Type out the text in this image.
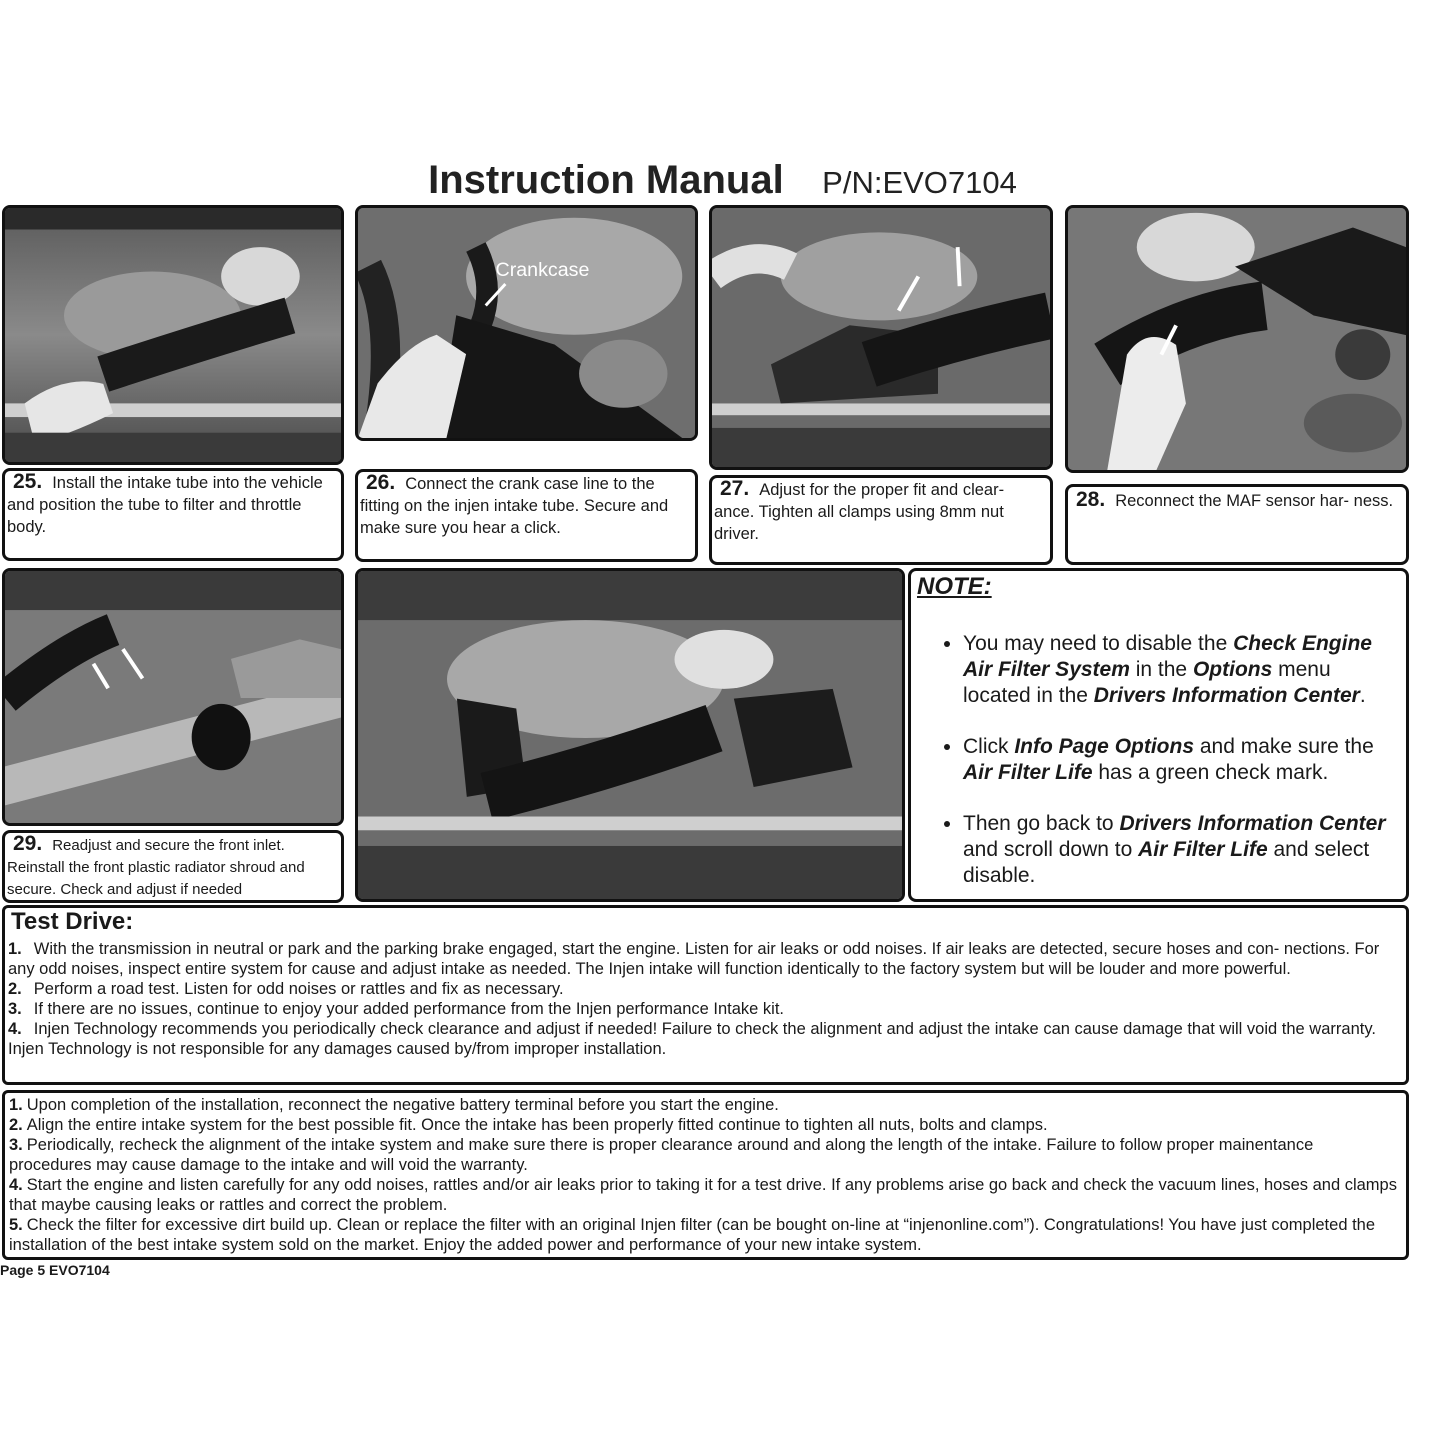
Instruction Manual P/N:EVO7104
25. Install the intake tube into the vehicle and position the tube to filter and throttle body.
Crankcase
26. Connect the crank case line to the fitting on the injen intake tube. Secure and make sure you hear a click.
27. Adjust for the proper fit and clear- ance. Tighten all clamps using 8mm nut driver.
28. Reconnect the MAF sensor har- ness.
29. Readjust and secure the front inlet. Reinstall the front plastic radiator shroud and secure. Check and adjust if needed
NOTE:
• You may need to disable the Check Engine Air Filter System in the Options menu located in the Drivers Information Center.
• Click Info Page Options and make sure the Air Filter Life has a green check mark.
• Then go back to Drivers Information Center and scroll down to Air Filter Life and select disable.
Test Drive:
1. With the transmission in neutral or park and the parking brake engaged, start the engine. Listen for air leaks or odd noises. If air leaks are detected, secure hoses and con- nections. For any odd noises, inspect entire system for cause and adjust intake as needed. The Injen intake will function identically to the factory system but will be louder and more powerful.
2. Perform a road test. Listen for odd noises or rattles and fix as necessary.
3. If there are no issues, continue to enjoy your added performance from the Injen performance Intake kit.
4. Injen Technology recommends you periodically check clearance and adjust if needed! Failure to check the alignment and adjust the intake can cause damage that will void the warranty. Injen Technology is not responsible for any damages caused by/from improper installation.
1. Upon completion of the installation, reconnect the negative battery terminal before you start the engine.
2. Align the entire intake system for the best possible fit. Once the intake has been properly fitted continue to tighten all nuts, bolts and clamps.
3. Periodically, recheck the alignment of the intake system and make sure there is proper clearance around and along the length of the intake. Failure to follow proper mainentance procedures may cause damage to the intake and will void the warranty.
4. Start the engine and listen carefully for any odd noises, rattles and/or air leaks prior to taking it for a test drive. If any problems arise go back and check the vacuum lines, hoses and clamps that maybe causing leaks or rattles and correct the problem.
5. Check the filter for excessive dirt build up. Clean or replace the filter with an original Injen filter (can be bought on-line at “injenonline.com”). Congratulations! You have just completed the installation of the best intake system sold on the market. Enjoy the added power and performance of your new intake system.
Page 5 EVO7104
